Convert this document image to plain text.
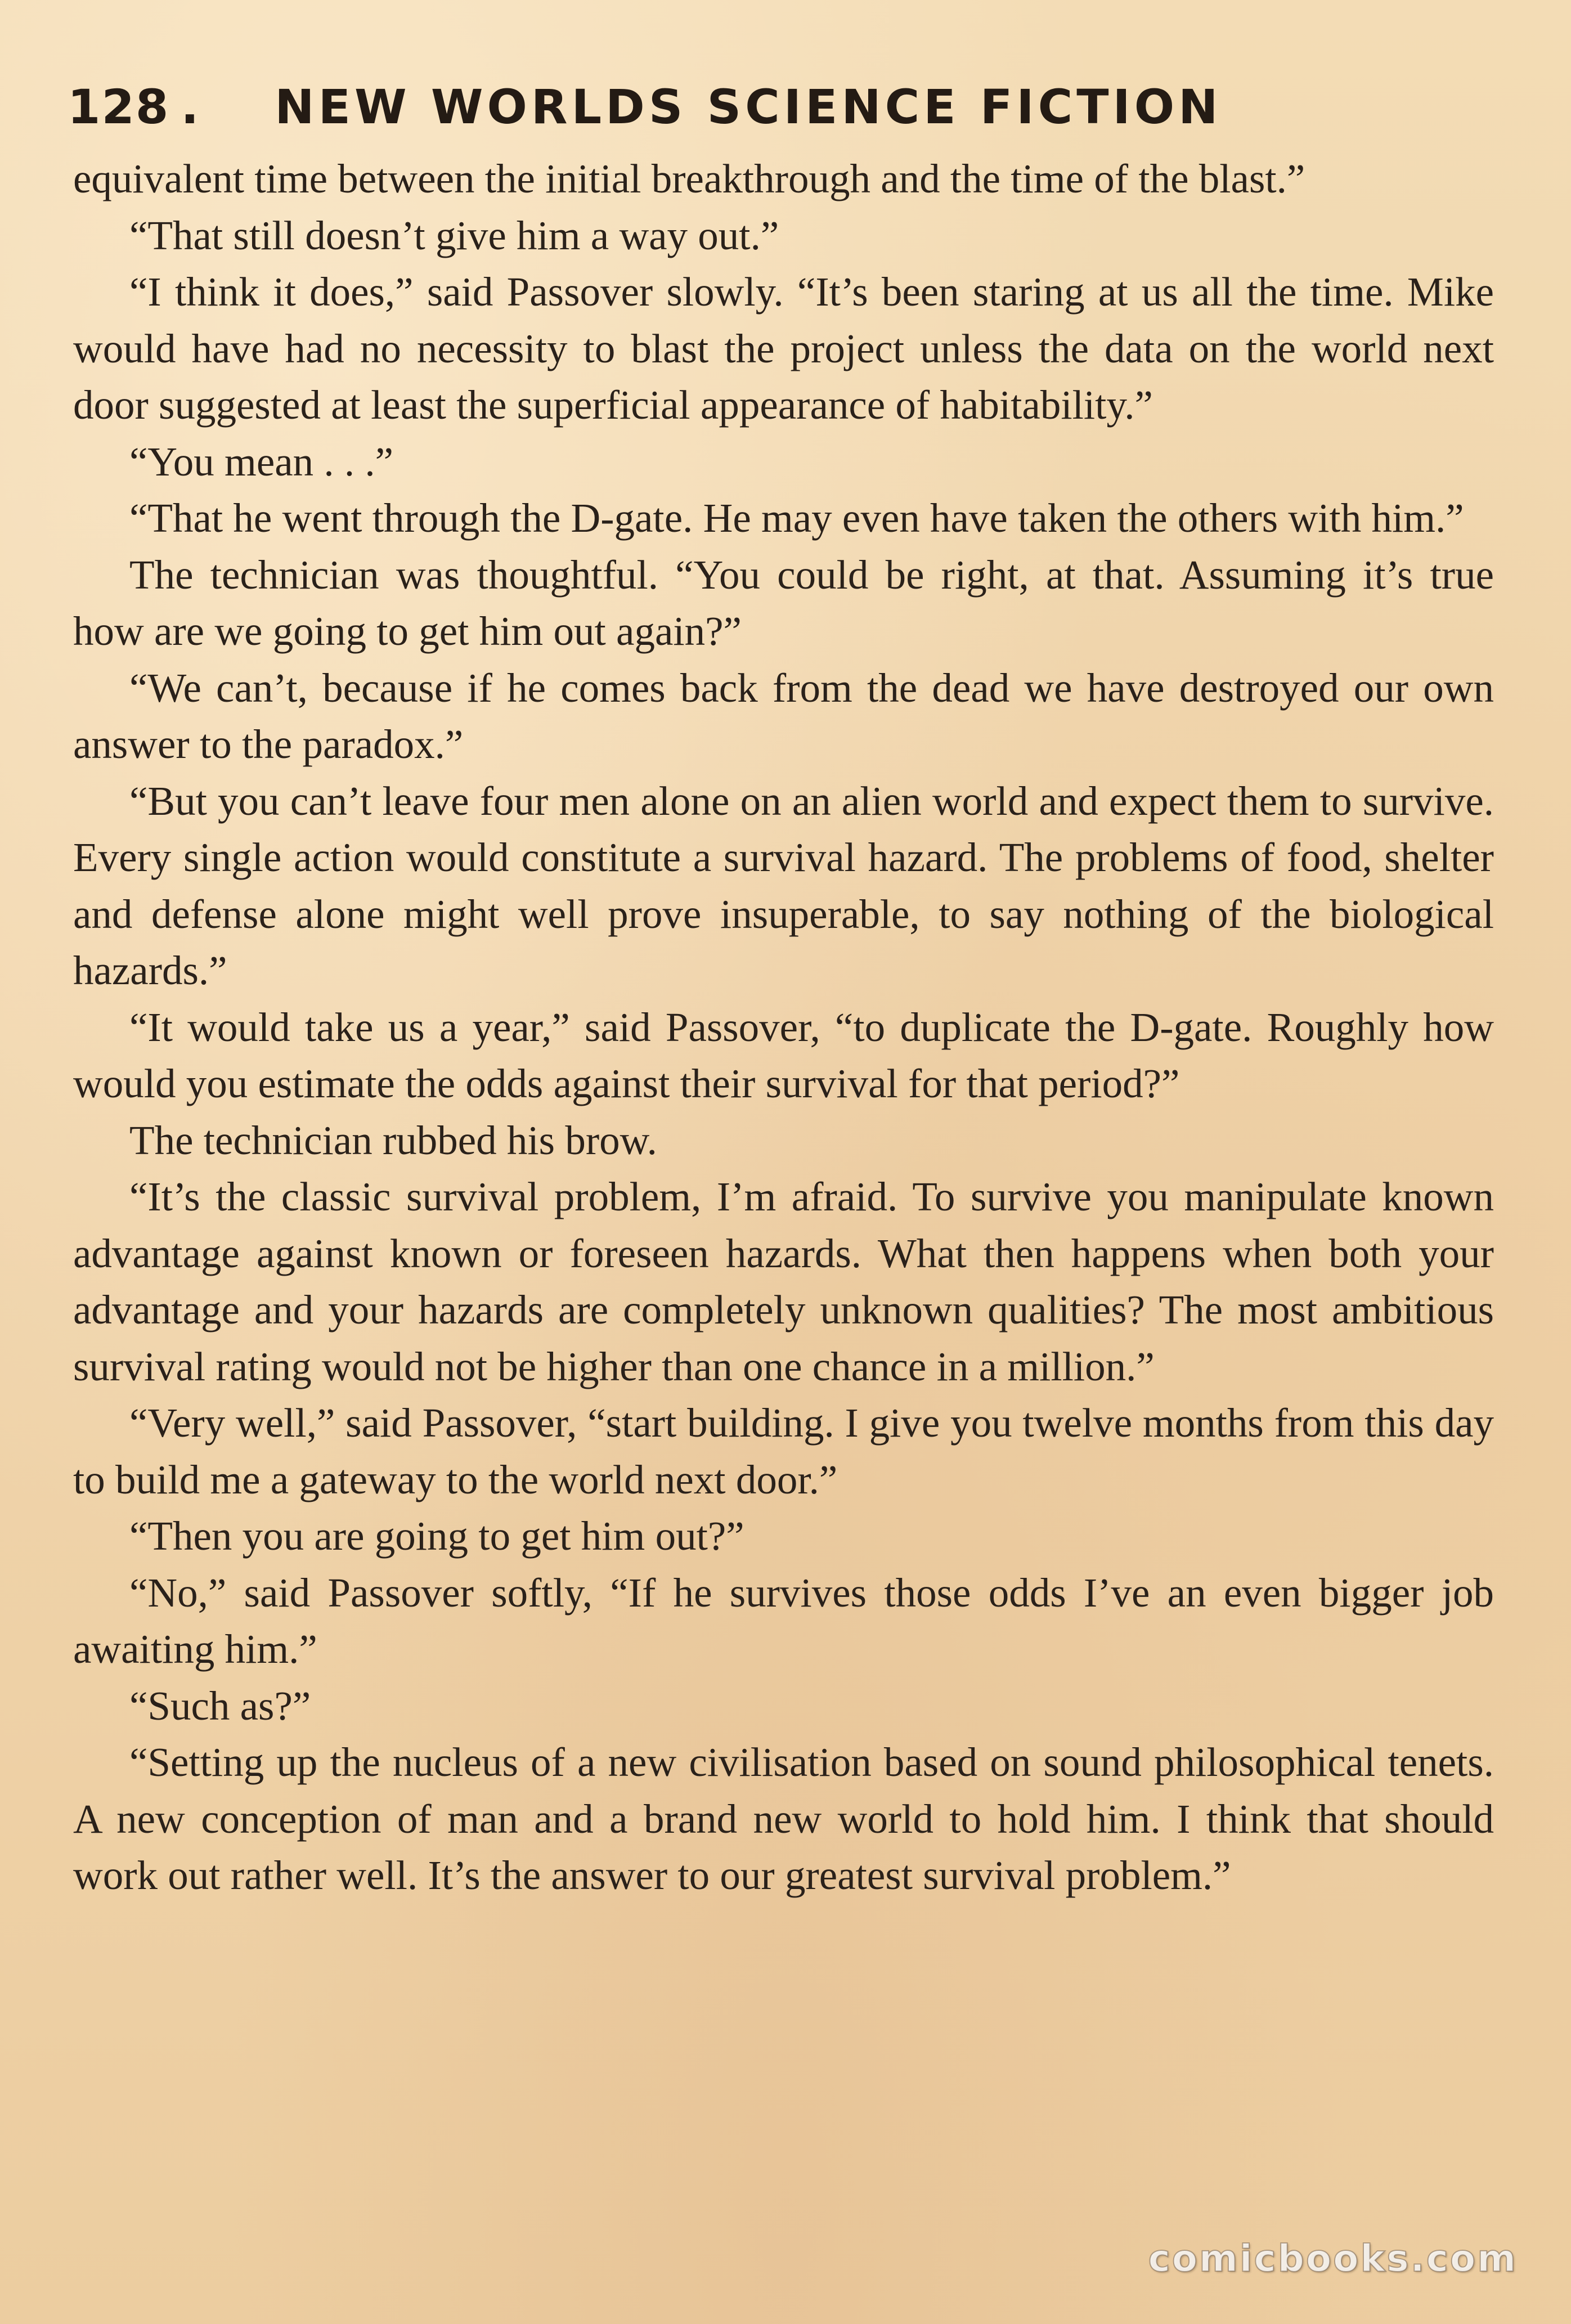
128 . NEW WORLDS SCIENCE FICTION

equivalent time between the initial breakthrough and the time of the blast.”

“That still doesn’t give him a way out.”

“I think it does,” said Passover slowly. “It’s been staring at us all the time. Mike would have had no necessity to blast the project unless the data on the world next door suggested at least the superficial appearance of habitability.”

“You mean . . .”

“That he went through the D-gate. He may even have taken the others with him.”

The technician was thoughtful. “You could be right, at that. Assuming it’s true how are we going to get him out again?”

“We can’t, because if he comes back from the dead we have destroyed our own answer to the paradox.”

“But you can’t leave four men alone on an alien world and expect them to survive. Every single action would constitute a survival hazard. The problems of food, shelter and defense alone might well prove insuperable, to say nothing of the biological hazards.”

“It would take us a year,” said Passover, “to duplicate the D-gate. Roughly how would you estimate the odds against their survival for that period?”

The technician rubbed his brow.

“It’s the classic survival problem, I’m afraid. To survive you manipulate known advantage against known or foreseen hazards. What then happens when both your advantage and your hazards are completely unknown qualities? The most ambitious survival rating would not be higher than one chance in a million.”

“Very well,” said Passover, “start building. I give you twelve months from this day to build me a gateway to the world next door.”

“Then you are going to get him out?”

“No,” said Passover softly, “If he survives those odds I’ve an even bigger job awaiting him.”

“Such as?”

“Setting up the nucleus of a new civilisation based on sound philosophical tenets. A new conception of man and a brand new world to hold him. I think that should work out rather well. It’s the answer to our greatest survival problem.”

comicbooks.com
